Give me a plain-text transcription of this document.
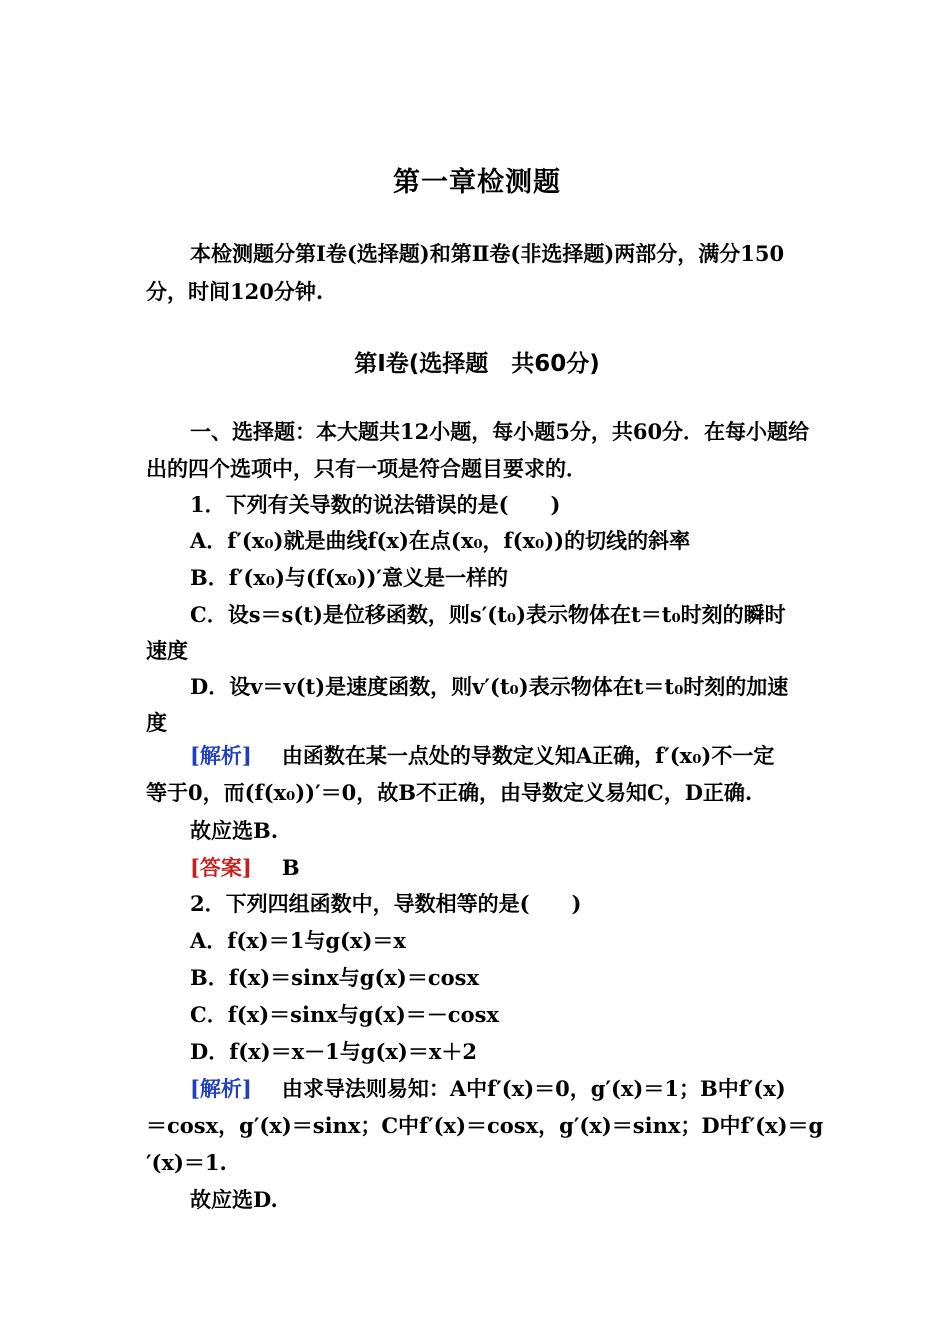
第一章检测题
本检测题分第Ⅰ卷(选择题)和第Ⅱ卷(非选择题)两部分，满分150
分，时间120分钟.
第Ⅰ卷(选择题　共60分)
一、选择题：本大题共12小题，每小题5分，共60分．在每小题给
出的四个选项中，只有一项是符合题目要求的．
1．下列有关导数的说法错误的是(　　)
A．f′(x₀)就是曲线f(x)在点(x₀，f(x₀))的切线的斜率
B．f′(x₀)与(f(x₀))′意义是一样的
C．设s＝s(t)是位移函数，则s′(t₀)表示物体在t＝t₀时刻的瞬时
速度
D．设v＝v(t)是速度函数，则v′(t₀)表示物体在t＝t₀时刻的加速
度
[解析] 由函数在某一点处的导数定义知A正确，f′(x₀)不一定
等于0，而(f(x₀))′＝0，故B不正确，由导数定义易知C，D正确.
故应选B.
[答案] B
2．下列四组函数中，导数相等的是(　　)
A．f(x)＝1与g(x)＝x
B．f(x)＝sinx与g(x)＝cosx
C．f(x)＝sinx与g(x)＝－cosx
D．f(x)＝x－1与g(x)＝x＋2
[解析] 由求导法则易知：A中f′(x)＝0，g′(x)＝1；B中f′(x)
＝cosx，g′(x)＝sinx；C中f′(x)＝cosx，g′(x)＝sinx；D中f′(x)＝g
′(x)＝1.
故应选D.
